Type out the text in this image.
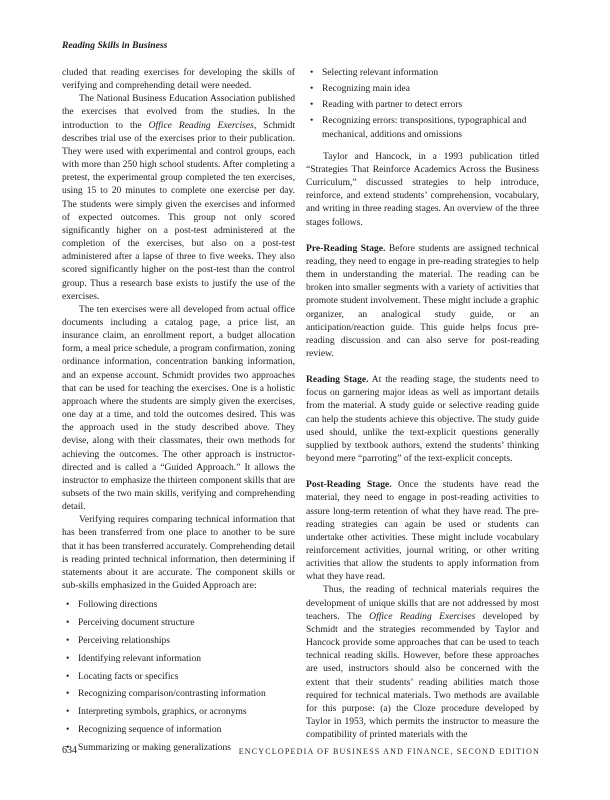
Reading Skills in Business

cluded that reading exercises for developing the skills of verifying and comprehending detail were needed.

The National Business Education Association published the exercises that evolved from the studies. In the introduction to the Office Reading Exercises, Schmidt describes trial use of the exercises prior to their publication. They were used with experimental and control groups, each with more than 250 high school students. After completing a pretest, the experimental group completed the ten exercises, using 15 to 20 minutes to complete one exercise per day. The students were simply given the exercises and informed of expected outcomes. This group not only scored significantly higher on a post-test administered at the completion of the exercises, but also on a post-test administered after a lapse of three to five weeks. They also scored significantly higher on the post-test than the control group. Thus a research base exists to justify the use of the exercises.

The ten exercises were all developed from actual office documents including a catalog page, a price list, an insurance claim, an enrollment report, a budget allocation form, a meal price schedule, a program confirmation, zoning ordinance information, concentration banking information, and an expense account. Schmidt provides two approaches that can be used for teaching the exercises. One is a holistic approach where the students are simply given the exercises, one day at a time, and told the outcomes desired. This was the approach used in the study described above. They devise, along with their classmates, their own methods for achieving the outcomes. The other approach is instructor-directed and is called a “Guided Approach.” It allows the instructor to emphasize the thirteen component skills that are subsets of the two main skills, verifying and comprehending detail.

Verifying requires comparing technical information that has been transferred from one place to another to be sure that it has been transferred accurately. Comprehending detail is reading printed technical information, then determining if statements about it are accurate. The component skills or sub-skills emphasized in the Guided Approach are:

• Following directions
• Perceiving document structure
• Perceiving relationships
• Identifying relevant information
• Locating facts or specifics
• Recognizing comparison/contrasting information
• Interpreting symbols, graphics, or acronyms
• Recognizing sequence of information
• Summarizing or making generalizations
• Selecting relevant information
• Recognizing main idea
• Reading with partner to detect errors
• Recognizing errors: transpositions, typographical and mechanical, additions and omissions

Taylor and Hancock, in a 1993 publication titled “Strategies That Reinforce Academics Across the Business Curriculum,” discussed strategies to help introduce, reinforce, and extend students’ comprehension, vocabulary, and writing in three reading stages. An overview of the three stages follows.

Pre-Reading Stage. Before students are assigned technical reading, they need to engage in pre-reading strategies to help them in understanding the material. The reading can be broken into smaller segments with a variety of activities that promote student involvement. These might include a graphic organizer, an analogical study guide, or an anticipation/reaction guide. This guide helps focus pre-reading discussion and can also serve for post-reading review.

Reading Stage. At the reading stage, the students need to focus on garnering major ideas as well as important details from the material. A study guide or selective reading guide can help the students achieve this objective. The study guide used should, unlike the text-explicit questions generally supplied by textbook authors, extend the students’ thinking beyond mere “parroting” of the text-explicit concepts.

Post-Reading Stage. Once the students have read the material, they need to engage in post-reading activities to assure long-term retention of what they have read. The pre-reading strategies can again be used or students can undertake other activities. These might include vocabulary reinforcement activities, journal writing, or other writing activities that allow the students to apply information from what they have read.

Thus, the reading of technical materials requires the development of unique skills that are not addressed by most teachers. The Office Reading Exercises developed by Schmidt and the strategies recommended by Taylor and Hancock provide some approaches that can be used to teach technical reading skills. However, before these approaches are used, instructors should also be concerned with the extent that their students’ reading abilities match those required for technical materials. Two methods are available for this purpose: (a) the Cloze procedure developed by Taylor in 1953, which permits the instructor to measure the compatibility of printed materials with the

634	ENCYCLOPEDIA OF BUSINESS AND FINANCE, SECOND EDITION
